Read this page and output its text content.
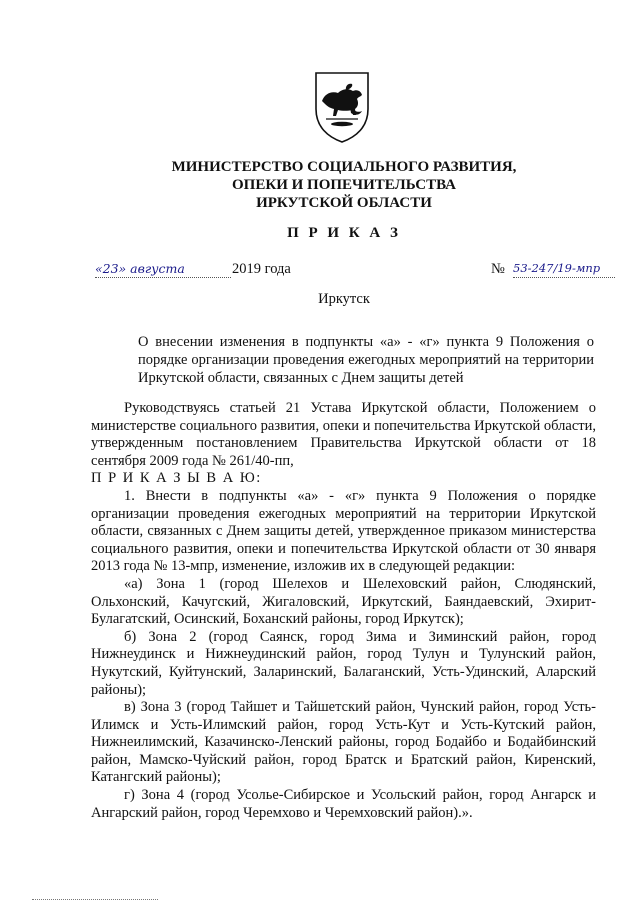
МИНИСТЕРСТВО СОЦИАЛЬНОГО РАЗВИТИЯ,
ОПЕКИ И ПОПЕЧИТЕЛЬСТВА
ИРКУТСКОЙ ОБЛАСТИ
П Р И К А З
«23» августа	2019 года	№ 53-247/19-мпр
Иркутск
О внесении изменения в подпункты «а» - «г» пункта 9 Положения о порядке организации проведения ежегодных мероприятий на территории Иркутской области, связанных с Днем защиты детей

Руководствуясь статьей 21 Устава Иркутской области, Положением о министерстве социального развития, опеки и попечительства Иркутской области, утвержденным постановлением Правительства Иркутской области от 18 сентября 2009 года № 261/40-пп,

П Р И К А З Ы В А Ю:

1. Внести в подпункты «а» - «г» пункта 9 Положения о порядке организации проведения ежегодных мероприятий на территории Иркутской области, связанных с Днем защиты детей, утвержденное приказом министерства социального развития, опеки и попечительства Иркутской области от 30 января 2013 года № 13-мпр, изменение, изложив их в следующей редакции:

«а) Зона 1 (город Шелехов и Шелеховский район, Слюдянский, Ольхонский, Качугский, Жигаловский, Иркутский, Баяндаевский, Эхирит-Булагатский, Осинский, Боханский районы, город Иркутск);

б) Зона 2 (город Саянск, город Зима и Зиминский район, город Нижнеудинск и Нижнеудинский район, город Тулун и Тулунский район, Нукутский, Куйтунский, Заларинский, Балаганский, Усть-Удинский, Аларский районы);

в) Зона 3 (город Тайшет и Тайшетский район, Чунский район, город Усть-Илимск и Усть-Илимский район, город Усть-Кут и Усть-Кутский район, Нижнеилимский, Казачинско-Ленский районы, город Бодайбо и Бодайбинский район, Мамско-Чуйский район, город Братск и Братский район, Киренский, Катангский районы);

г) Зона 4 (город Усолье-Сибирское и Усольский район, город Ангарск и Ангарский район, город Черемхово и Черемховский район).».
